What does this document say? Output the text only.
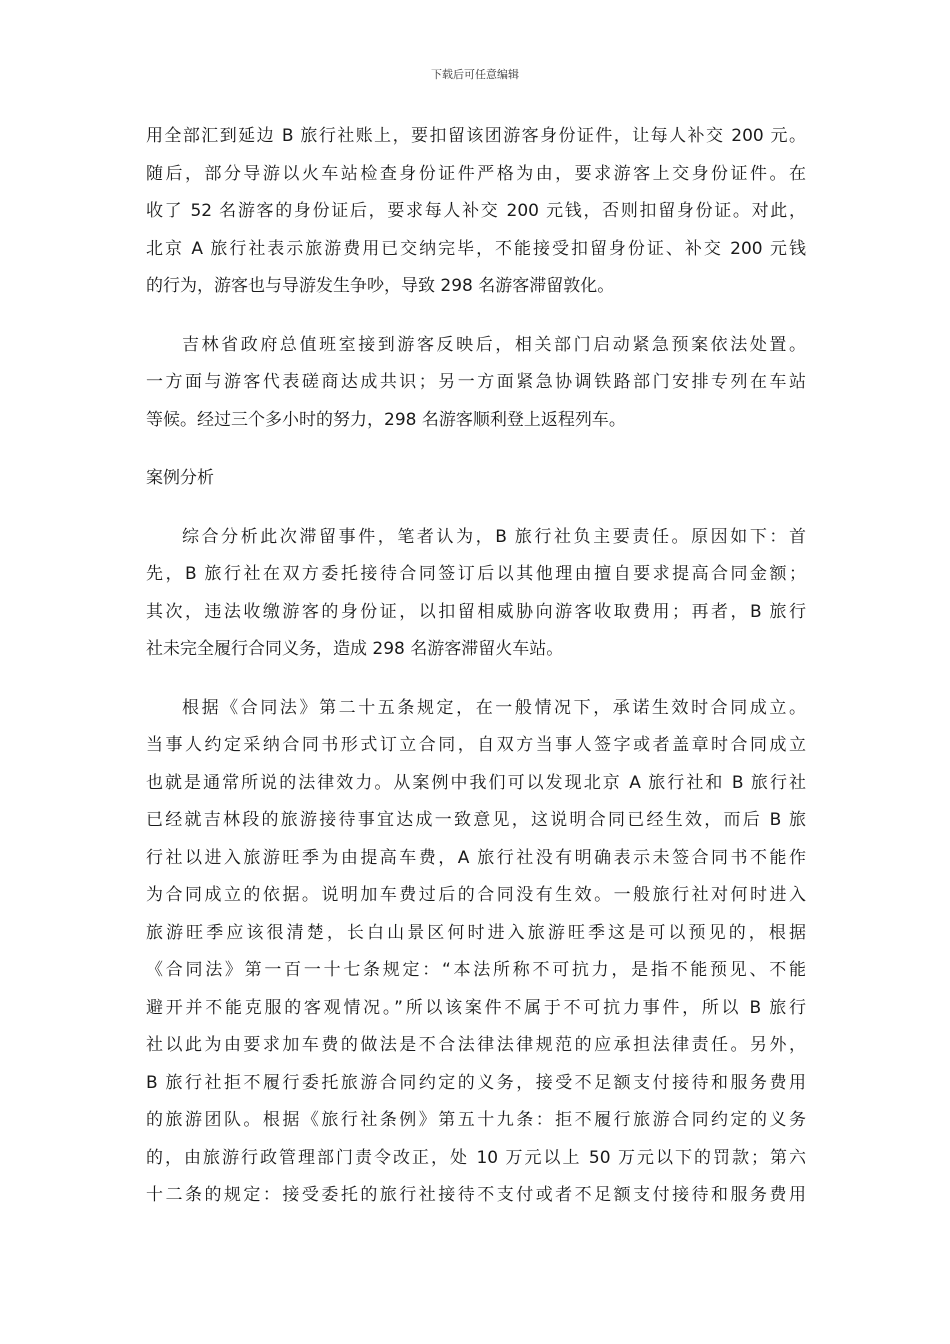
下载后可任意编辑
用全部汇到延边 B 旅行社账上，要扣留该团游客身份证件，让每人补交 200 元。
随后，部分导游以火车站检查身份证件严格为由，要求游客上交身份证件。在
收了 52 名游客的身份证后，要求每人补交 200 元钱，否则扣留身份证。对此，
北京 A 旅行社表示旅游费用已交纳完毕，不能接受扣留身份证、补交 200 元钱
的行为，游客也与导游发生争吵，导致 298 名游客滞留敦化。
吉林省政府总值班室接到游客反映后，相关部门启动紧急预案依法处置。
一方面与游客代表磋商达成共识；另一方面紧急协调铁路部门安排专列在车站
等候。经过三个多小时的努力，298 名游客顺利登上返程列车。
案例分析
综合分析此次滞留事件，笔者认为，B 旅行社负主要责任。原因如下：首
先，B 旅行社在双方委托接待合同签订后以其他理由擅自要求提高合同金额；
其次，违法收缴游客的身份证，以扣留相威胁向游客收取费用；再者，B 旅行
社未完全履行合同义务，造成 298 名游客滞留火车站。
根据《合同法》第二十五条规定，在一般情况下，承诺生效时合同成立。
当事人约定采纳合同书形式订立合同，自双方当事人签字或者盖章时合同成立
也就是通常所说的法律效力。从案例中我们可以发现北京 A 旅行社和 B 旅行社
已经就吉林段的旅游接待事宜达成一致意见，这说明合同已经生效，而后 B 旅
行社以进入旅游旺季为由提高车费，A 旅行社没有明确表示未签合同书不能作
为合同成立的依据。说明加车费过后的合同没有生效。一般旅行社对何时进入
旅游旺季应该很清楚，长白山景区何时进入旅游旺季这是可以预见的，根据
《合同法》第一百一十七条规定：“本法所称不可抗力，是指不能预见、不能
避开并不能克服的客观情况。”所以该案件不属于不可抗力事件，所以 B 旅行
社以此为由要求加车费的做法是不合法律法律规范的应承担法律责任。另外，
B 旅行社拒不履行委托旅游合同约定的义务，接受不足额支付接待和服务费用
的旅游团队。根据《旅行社条例》第五十九条：拒不履行旅游合同约定的义务
的，由旅游行政管理部门责令改正，处 10 万元以上 50 万元以下的罚款；第六
十二条的规定：接受委托的旅行社接待不支付或者不足额支付接待和服务费用
